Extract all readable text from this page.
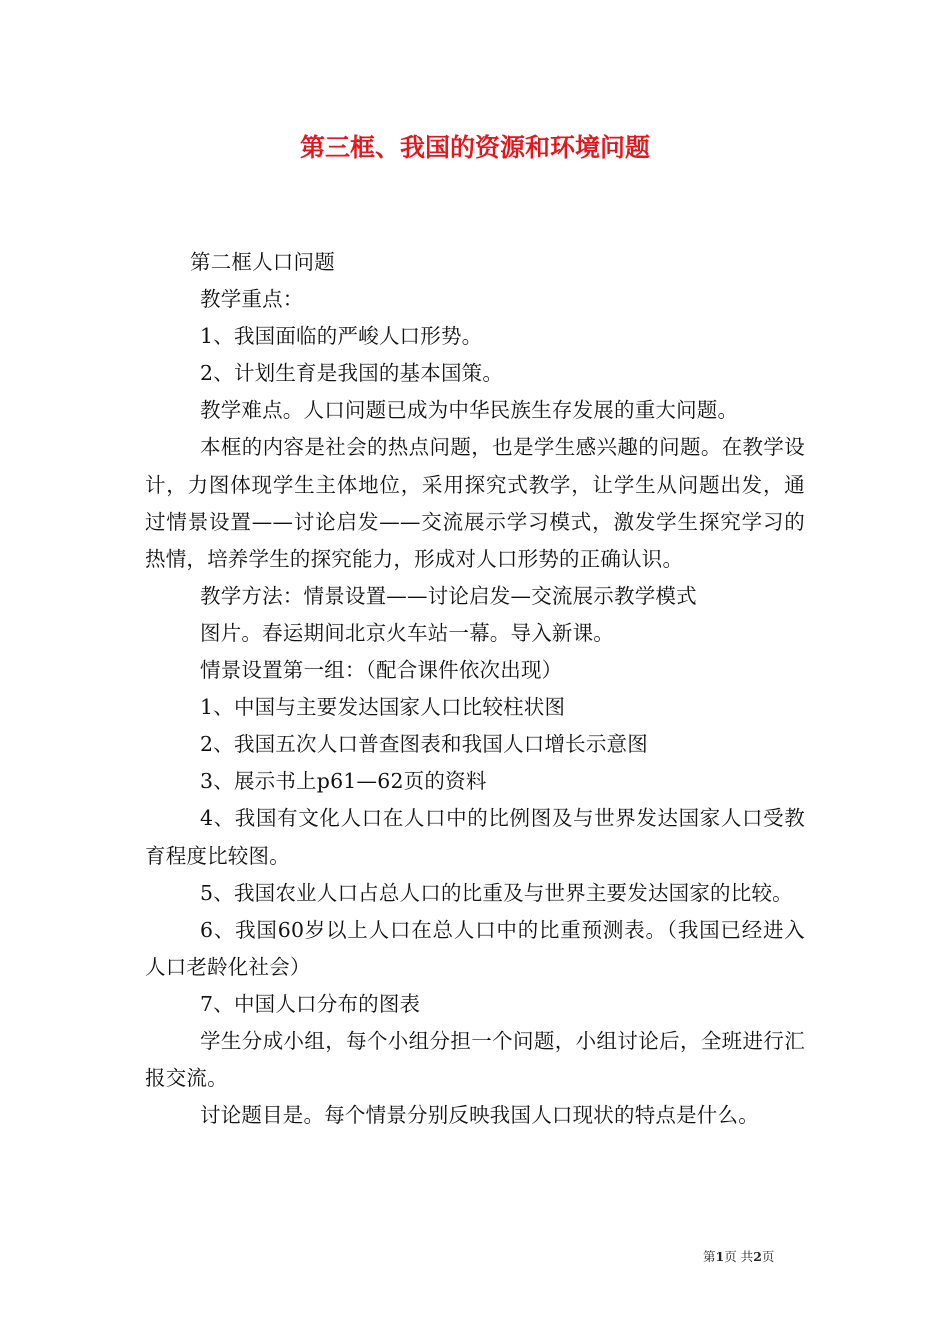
第三框、我国的资源和环境问题

第二框人口问题

教学重点：

1、我国面临的严峻人口形势。

2、计划生育是我国的基本国策。

教学难点。人口问题已成为中华民族生存发展的重大问题。

本框的内容是社会的热点问题，也是学生感兴趣的问题。在教学设计，力图体现学生主体地位，采用探究式教学，让学生从问题出发，通过情景设置——讨论启发——交流展示学习模式，激发学生探究学习的热情，培养学生的探究能力，形成对人口形势的正确认识。

教学方法：情景设置——讨论启发—交流展示教学模式

图片。春运期间北京火车站一幕。导入新课。

情景设置第一组：（配合课件依次出现）

1、中国与主要发达国家人口比较柱状图

2、我国五次人口普查图表和我国人口增长示意图

3、展示书上p61—62页的资料

4、我国有文化人口在人口中的比例图及与世界发达国家人口受教育程度比较图。

5、我国农业人口占总人口的比重及与世界主要发达国家的比较。

6、我国60岁以上人口在总人口中的比重预测表。（我国已经进入人口老龄化社会）

7、中国人口分布的图表

学生分成小组，每个小组分担一个问题，小组讨论后，全班进行汇报交流。

讨论题目是。每个情景分别反映我国人口现状的特点是什么。

第1页 共2页
